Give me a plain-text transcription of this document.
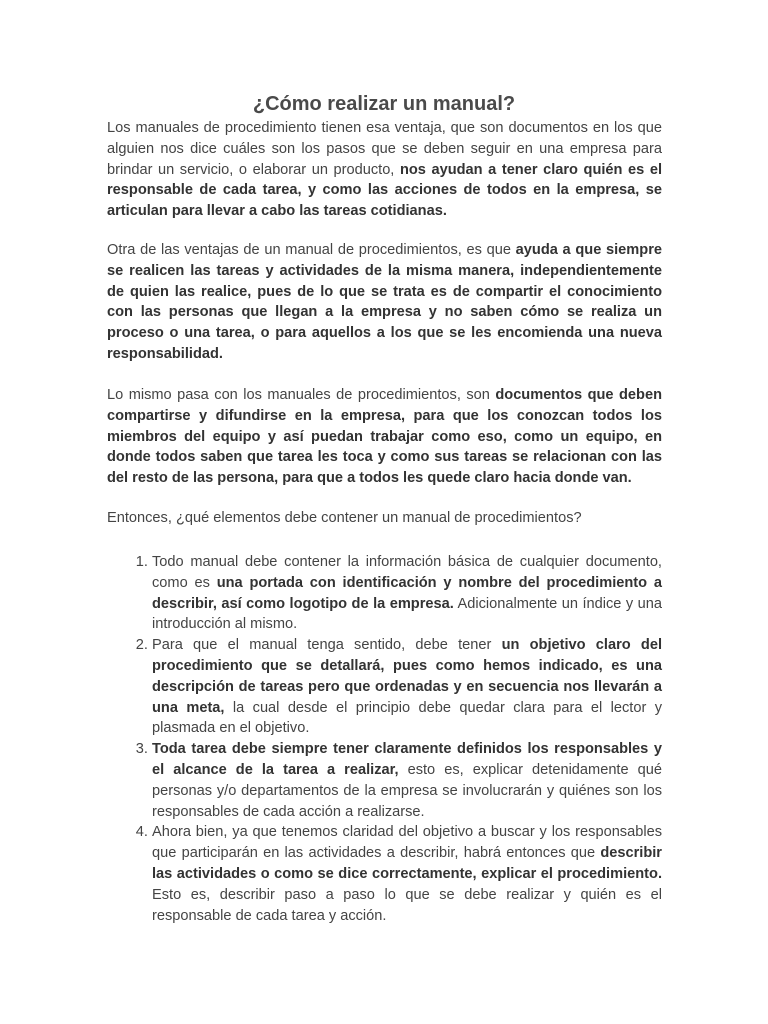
¿Cómo realizar un manual?

Los manuales de procedimiento tienen esa ventaja, que son documentos en los que alguien nos dice cuáles son los pasos que se deben seguir en una empresa para brindar un servicio, o elaborar un producto, nos ayudan a tener claro quién es el responsable de cada tarea, y como las acciones de todos en la empresa, se articulan para llevar a cabo las tareas cotidianas.

Otra de las ventajas de un manual de procedimientos, es que ayuda a que siempre se realicen las tareas y actividades de la misma manera, independientemente de quien las realice, pues de lo que se trata es de compartir el conocimiento con las personas que llegan a la empresa y no saben cómo se realiza un proceso o una tarea, o para aquellos a los que se les encomienda una nueva responsabilidad.

Lo mismo pasa con los manuales de procedimientos, son documentos que deben compartirse y difundirse en la empresa, para que los conozcan todos los miembros del equipo y así puedan trabajar como eso, como un equipo, en donde todos saben que tarea les toca y como sus tareas se relacionan con las del resto de las persona, para que a todos les quede claro hacia donde van.

Entonces, ¿qué elementos debe contener un manual de procedimientos?

1. Todo manual debe contener la información básica de cualquier documento, como es una portada con identificación y nombre del procedimiento a describir, así como logotipo de la empresa. Adicionalmente un índice y una introducción al mismo.
2. Para que el manual tenga sentido, debe tener un objetivo claro del procedimiento que se detallará, pues como hemos indicado, es una descripción de tareas pero que ordenadas y en secuencia nos llevarán a una meta, la cual desde el principio debe quedar clara para el lector y plasmada en el objetivo.
3. Toda tarea debe siempre tener claramente definidos los responsables y el alcance de la tarea a realizar, esto es, explicar detenidamente qué personas y/o departamentos de la empresa se involucrarán y quiénes son los responsables de cada acción a realizarse.
4. Ahora bien, ya que tenemos claridad del objetivo a buscar y los responsables que participarán en las actividades a describir, habrá entonces que describir las actividades o como se dice correctamente, explicar el procedimiento. Esto es, describir paso a paso lo que se debe realizar y quién es el responsable de cada tarea y acción.
